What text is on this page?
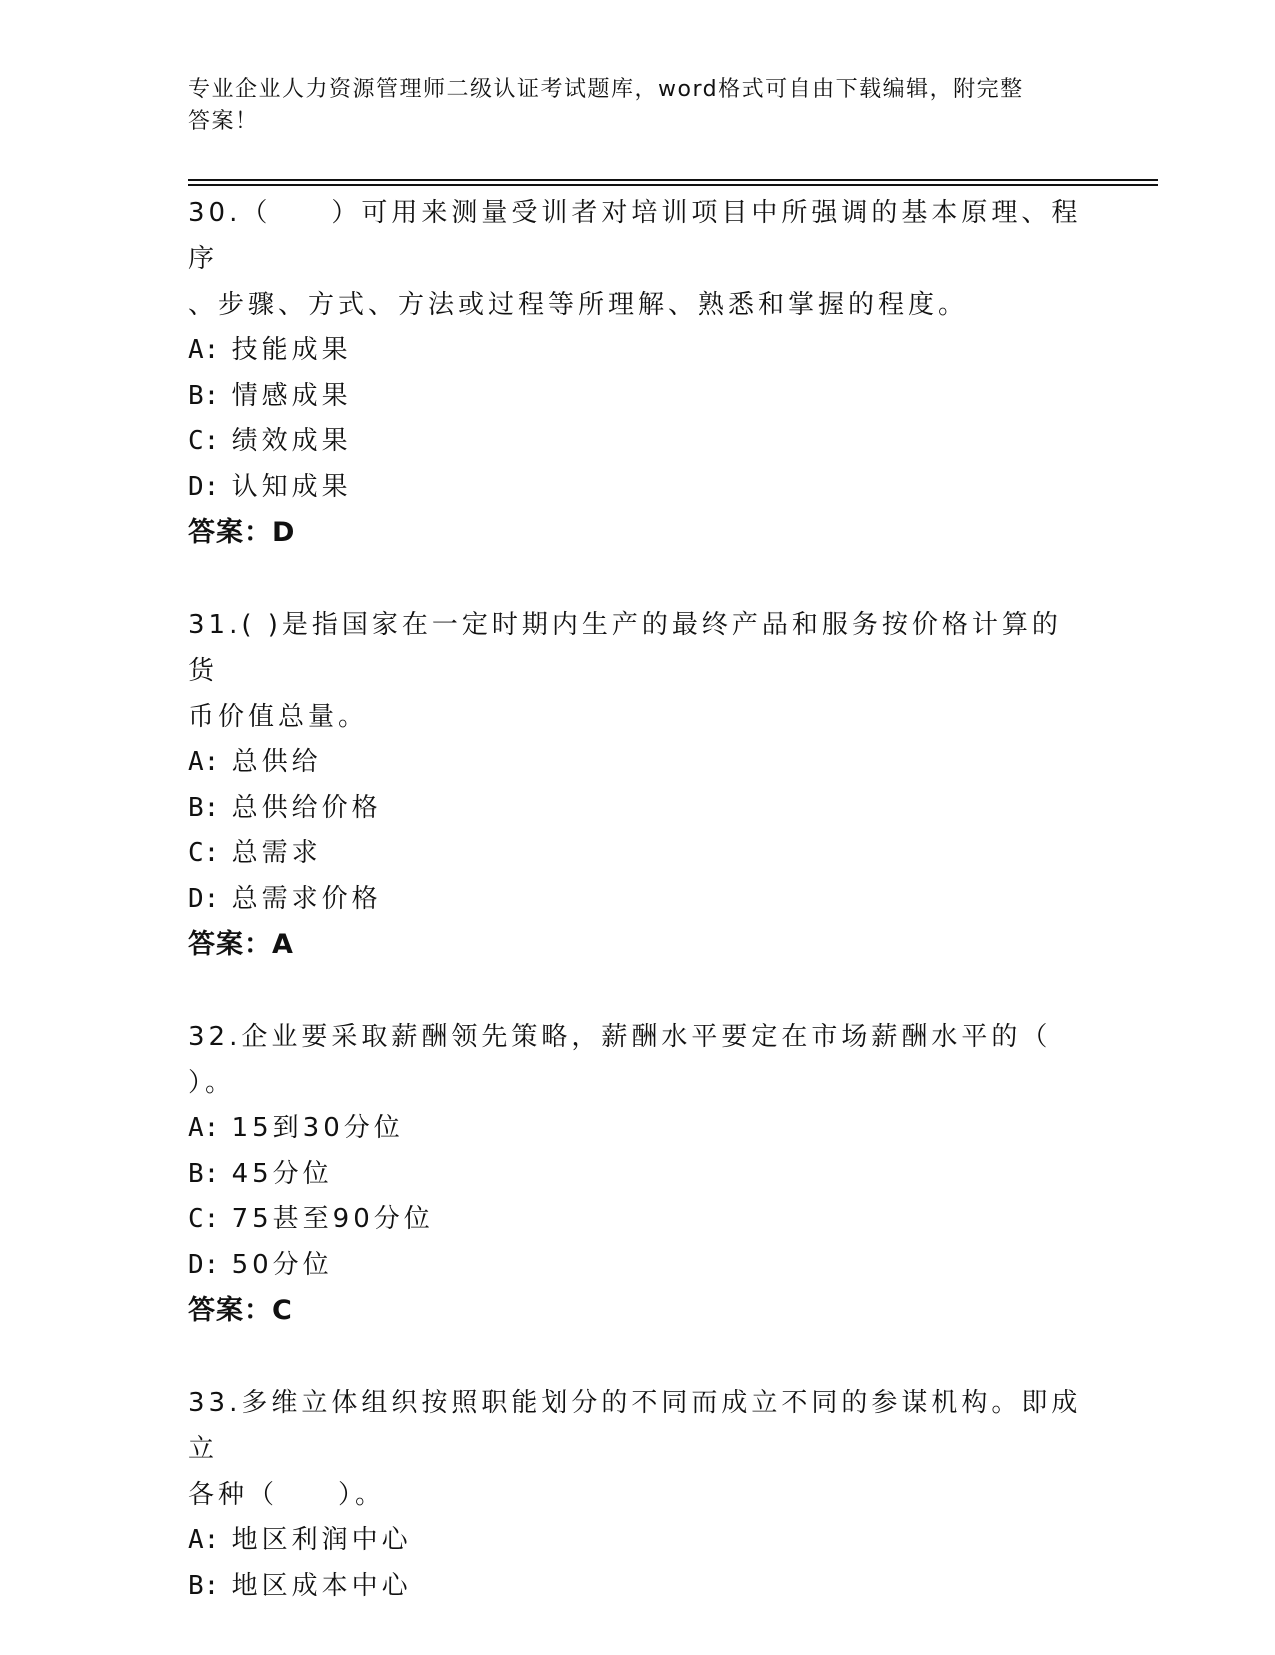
专业企业人力资源管理师二级认证考试题库，word格式可自由下载编辑，附完整
答案！
30.（　　）可用来测量受训者对培训项目中所强调的基本原理、程序
、步骤、方式、方法或过程等所理解、熟悉和掌握的程度。
A: 技能成果
B: 情感成果
C: 绩效成果
D: 认知成果
答案：D
31.( )是指国家在一定时期内生产的最终产品和服务按价格计算的货
币价值总量。
A: 总供给
B: 总供给价格
C: 总需求
D: 总需求价格
答案：A
32.企业要采取薪酬领先策略，薪酬水平要定在市场薪酬水平的（
）。
A: 15到30分位
B: 45分位
C: 75甚至90分位
D: 50分位
答案：C
33.多维立体组织按照职能划分的不同而成立不同的参谋机构。即成立
各种（　　）。
A: 地区利润中心
B: 地区成本中心
